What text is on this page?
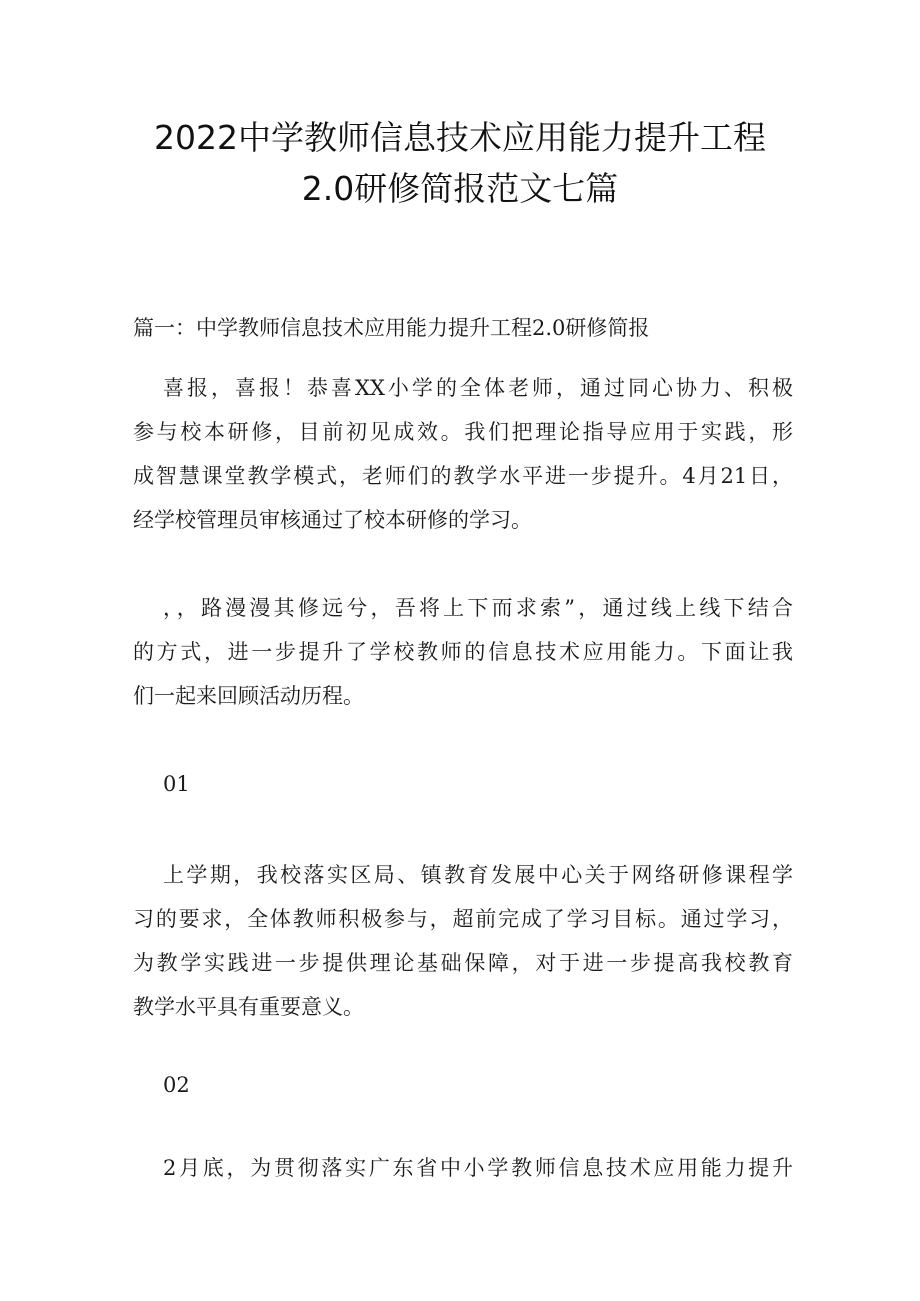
2022中学教师信息技术应用能力提升工程
2.0研修简报范文七篇
篇一：中学教师信息技术应用能力提升工程2.0研修简报
喜报，喜报！恭喜XX小学的全体老师，通过同心协力、积极
参与校本研修，目前初见成效。我们把理论指导应用于实践，形
成智慧课堂教学模式，老师们的教学水平进一步提升。4月21日，
经学校管理员审核通过了校本研修的学习。
，，路漫漫其修远兮，吾将上下而求索”，通过线上线下结合
的方式，进一步提升了学校教师的信息技术应用能力。下面让我
们一起来回顾活动历程。
01
上学期，我校落实区局、镇教育发展中心关于网络研修课程学
习的要求，全体教师积极参与，超前完成了学习目标。通过学习，
为教学实践进一步提供理论基础保障，对于进一步提高我校教育
教学水平具有重要意义。
02
2月底，为贯彻落实广东省中小学教师信息技术应用能力提升
